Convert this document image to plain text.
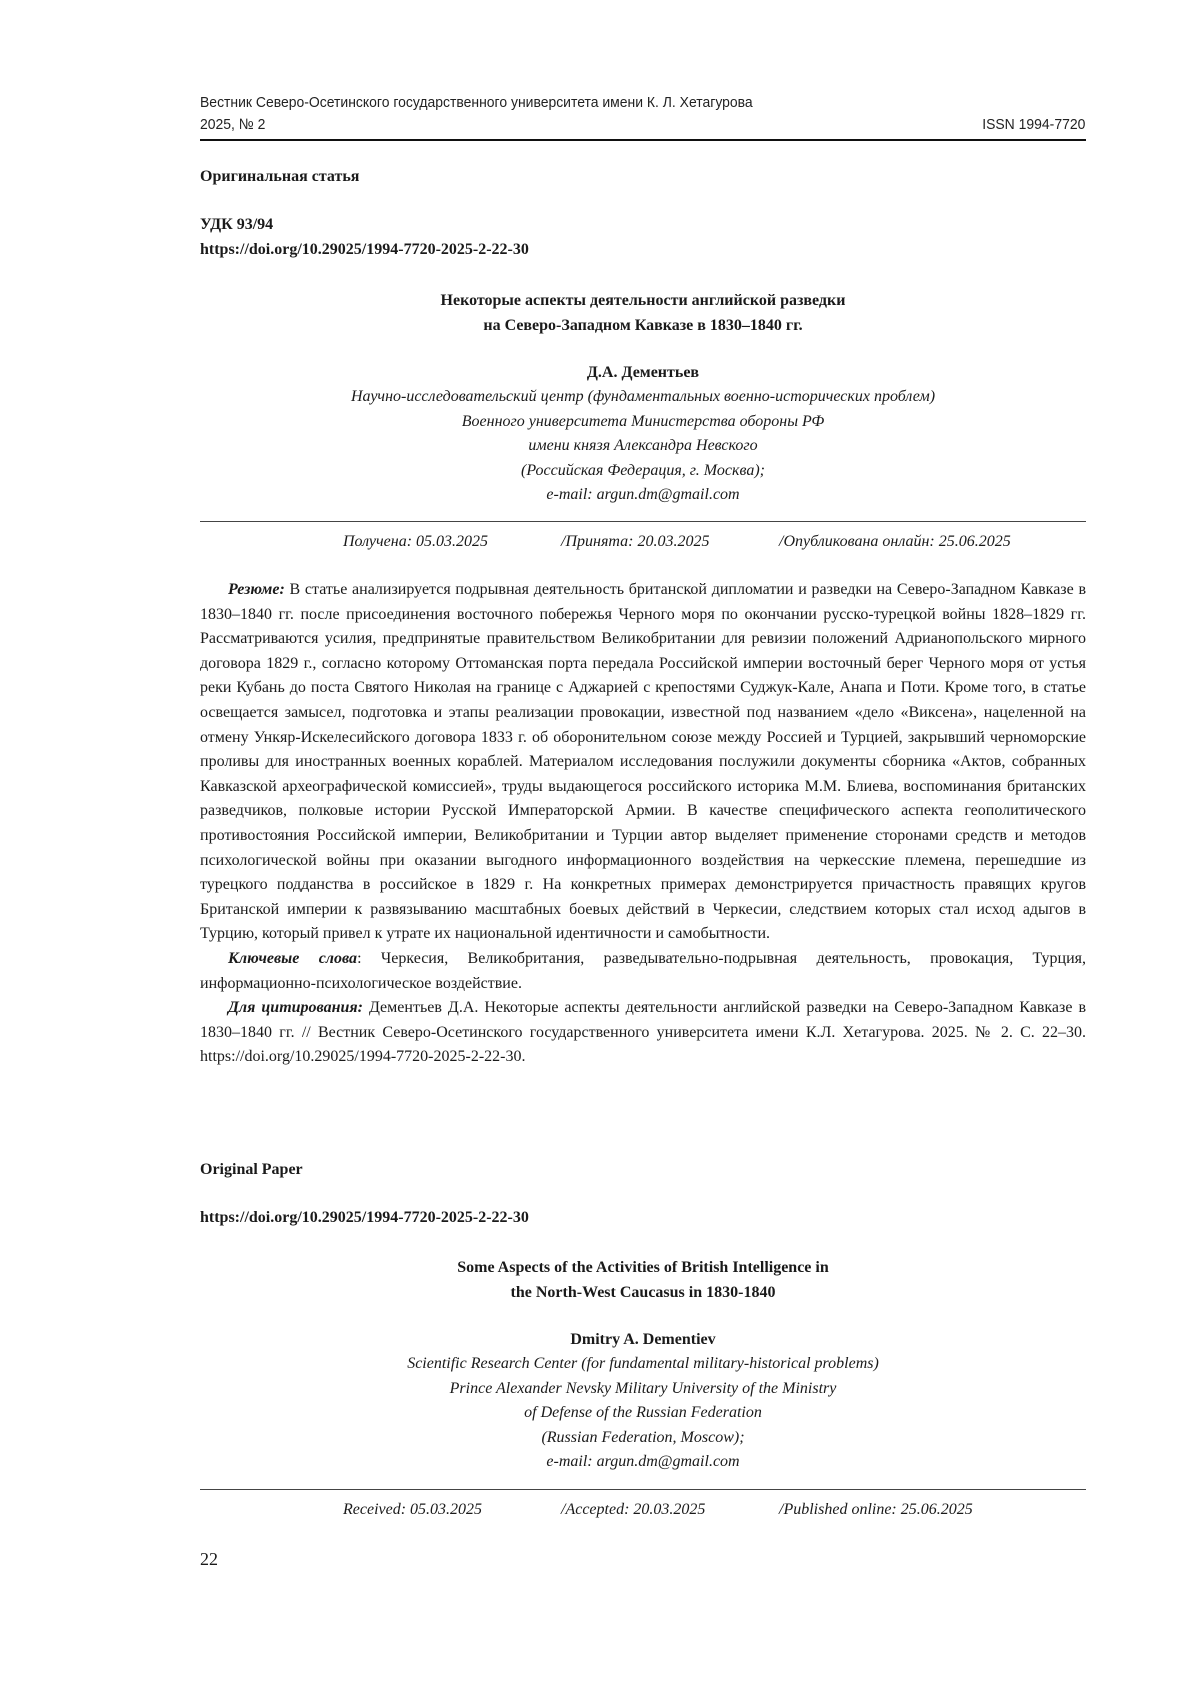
Вестник Северо-Осетинского государственного университета имени К. Л. Хетагурова
2025, № 2	ISSN 1994-7720
Оригинальная статья
УДК 93/94
https://doi.org/10.29025/1994-7720-2025-2-22-30
Некоторые аспекты деятельности английской разведки
на Северо-Западном Кавказе в 1830–1840 гг.
Д.А. Дементьев
Научно-исследовательский центр (фундаментальных военно-исторических проблем)
Военного университета Министерства обороны РФ
имени князя Александра Невского
(Российская Федерация, г. Москва);
e-mail: argun.dm@gmail.com
Получена: 05.03.2025	/Принята: 20.03.2025	/Опубликована онлайн: 25.06.2025

Резюме: В статье анализируется подрывная деятельность британской дипломатии и разведки на Северо-Западном Кавказе в 1830–1840 гг. после присоединения восточного побережья Черного моря по окончании русско-турецкой войны 1828–1829 гг. Рассматриваются усилия, предпринятые правительством Великобритании для ревизии положений Адрианопольского мирного договора 1829 г., согласно которому Оттоманская порта передала Российской империи восточный берег Черного моря от устья реки Кубань до поста Святого Николая на границе с Аджарией с крепостями Суджук-Кале, Анапа и Поти. Кроме того, в статье освещается замысел, подготовка и этапы реализации провокации, известной под названием «дело «Виксена», нацеленной на отмену Ункяр-Искелесийского договора 1833 г. об оборонительном союзе между Россией и Турцией, закрывший черноморские проливы для иностранных военных кораблей. Материалом исследования послужили документы сборника «Актов, собранных Кавказской археографической комиссией», труды выдающегося российского историка М.М. Блиева, воспоминания британских разведчиков, полковые истории Русской Императорской Армии. В качестве специфического аспекта геополитического противостояния Российской империи, Великобритании и Турции автор выделяет применение сторонами средств и методов психологической войны при оказании выгодного информационного воздействия на черкесские племена, перешедшие из турецкого подданства в российское в 1829 г. На конкретных примерах демонстрируется причастность правящих кругов Британской империи к развязыванию масштабных боевых действий в Черкесии, следствием которых стал исход адыгов в Турцию, который привел к утрате их национальной идентичности и самобытности.

Ключевые слова: Черкесия, Великобритания, разведывательно-подрывная деятельность, провокация, Турция, информационно-психологическое воздействие.

Для цитирования: Дементьев Д.А. Некоторые аспекты деятельности английской разведки на Северо-Западном Кавказе в 1830–1840 гг. // Вестник Северо-Осетинского государственного университета имени К.Л. Хетагурова. 2025. № 2. С. 22–30. https://doi.org/10.29025/1994-7720-2025-2-22-30.

Original Paper
https://doi.org/10.29025/1994-7720-2025-2-22-30
Some Aspects of the Activities of British Intelligence in
the North-West Caucasus in 1830-1840
Dmitry A. Dementiev
Scientific Research Center (for fundamental military-historical problems)
Prince Alexander Nevsky Military University of the Ministry
of Defense of the Russian Federation
(Russian Federation, Moscow);
e-mail: argun.dm@gmail.com
Received: 05.03.2025	/Accepted: 20.03.2025	/Published online: 25.06.2025
22
